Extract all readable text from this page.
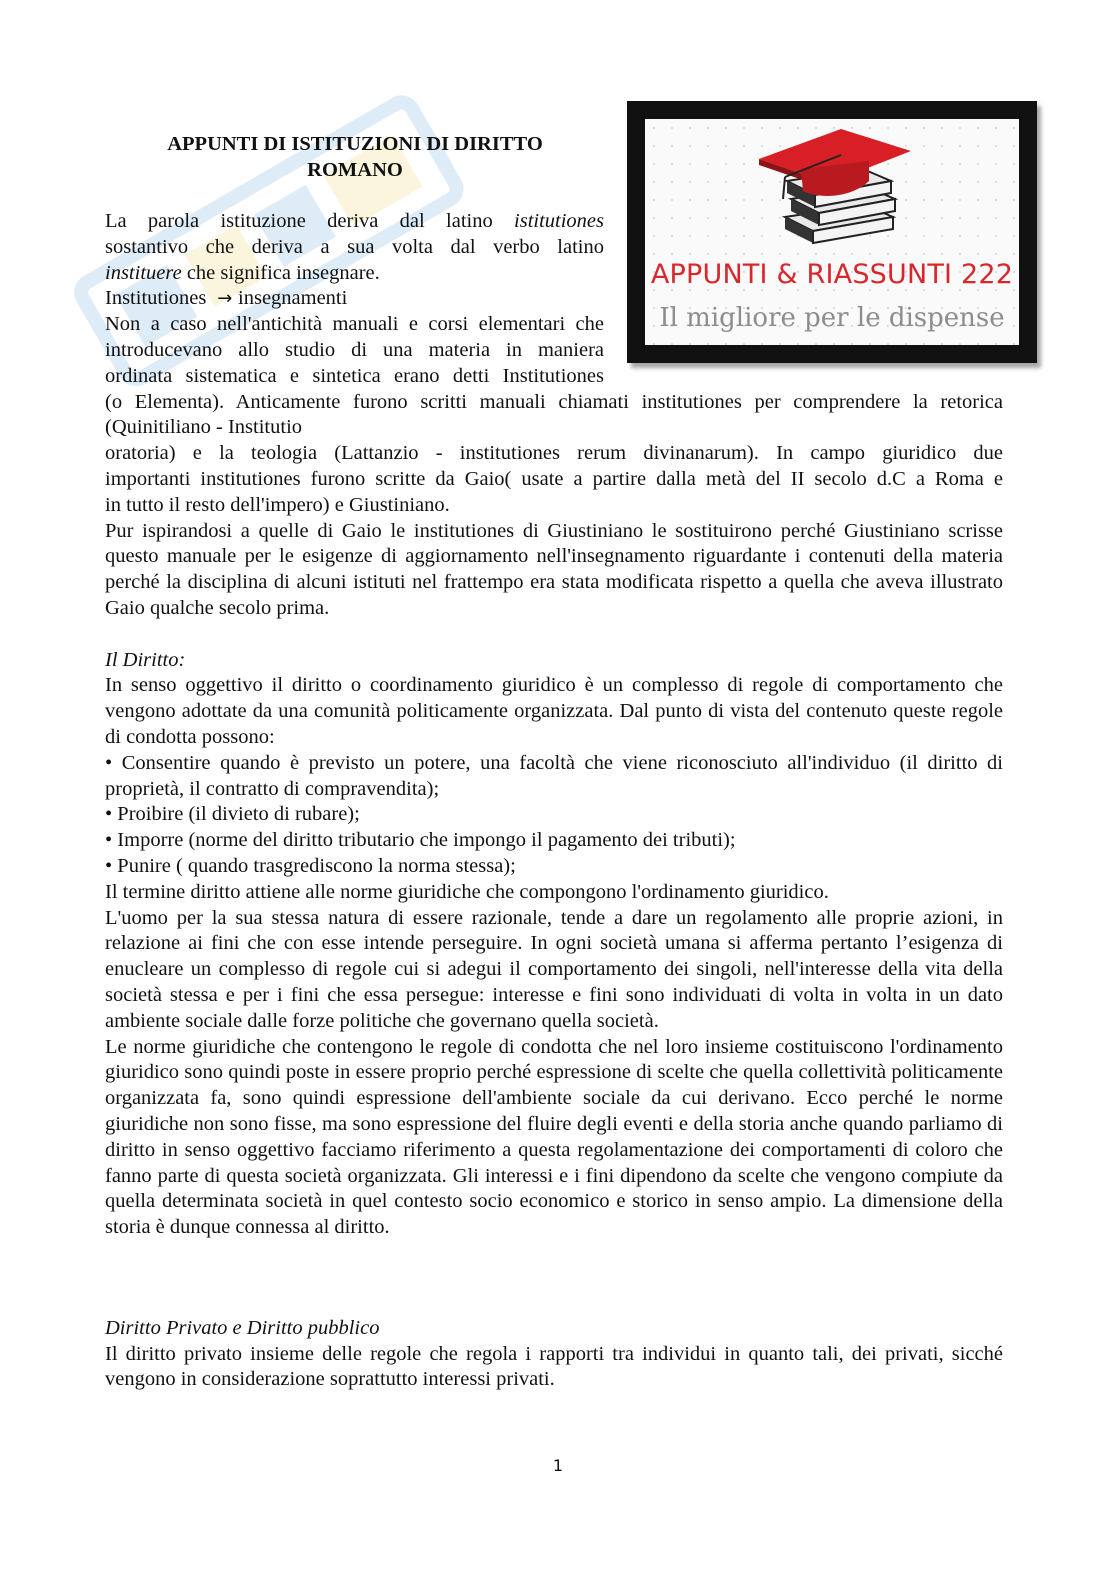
APPUNTI & RIASSUNTI 222
Il migliore per le dispense
APPUNTI DI ISTITUZIONI DI DIRITTO
ROMANO
La parola istituzione deriva dal latino istitutiones
sostantivo che deriva a sua volta dal verbo latino
instituere che significa insegnare.
Institutiones  → insegnamenti
Non a caso nell'antichità manuali e corsi elementari che
introducevano allo studio di una materia in maniera
ordinata sistematica e sintetica erano detti Institutiones
(o Elementa). Anticamente furono scritti manuali chiamati institutiones per comprendere la retorica
(Quinitiliano - Institutio
oratoria) e la teologia (Lattanzio - institutiones rerum divinanarum). In campo giuridico due
importanti institutiones furono scritte da Gaio( usate a partire dalla metà del II secolo d.C a Roma e
in tutto il resto dell'impero) e Giustiniano.
Pur ispirandosi a quelle di Gaio le institutiones di Giustiniano le sostituirono perché Giustiniano scrisse questo manuale per le esigenze di aggiornamento nell'insegnamento riguardante i contenuti della materia perché la disciplina di alcuni istituti nel frattempo era stata modificata rispetto a quella che aveva illustrato Gaio qualche secolo prima.
Il Diritto:
In senso oggettivo il diritto o coordinamento giuridico è un complesso di regole di comportamento che vengono adottate da una comunità politicamente organizzata. Dal punto di vista del contenuto queste regole di condotta possono:
• Consentire quando è previsto un potere, una facoltà che viene riconosciuto all'individuo (il diritto di proprietà, il contratto di compravendita);
• Proibire (il divieto di rubare);
• Imporre (norme del diritto tributario che impongo il pagamento dei tributi);
• Punire ( quando trasgrediscono la norma stessa);
Il termine diritto attiene alle norme giuridiche che compongono l'ordinamento giuridico.
L'uomo per la sua stessa natura di essere razionale, tende a dare un regolamento alle proprie azioni, in relazione ai fini che con esse intende perseguire. In ogni società umana si afferma pertanto l’esigenza di enucleare un complesso di regole cui si adegui il comportamento dei singoli, nell'interesse della vita della società stessa e per i fini che essa persegue: interesse e fini sono individuati di volta in volta in un dato ambiente sociale dalle forze politiche che governano quella società.
Le norme giuridiche che contengono le regole di condotta che nel loro insieme costituiscono l'ordinamento giuridico sono quindi poste in essere proprio perché espressione di scelte che quella collettività politicamente organizzata fa, sono quindi espressione dell'ambiente sociale da cui derivano. Ecco perché le norme giuridiche non sono fisse, ma sono espressione del fluire degli eventi e della storia anche quando parliamo di diritto in senso oggettivo facciamo riferimento a questa regolamentazione dei comportamenti di coloro che fanno parte di questa società organizzata. Gli interessi e i fini dipendono da scelte che vengono compiute da quella determinata società in quel contesto socio economico e storico in senso ampio. La dimensione della storia è dunque connessa al diritto.
Diritto Privato e Diritto pubblico
Il diritto privato insieme delle regole che regola i rapporti tra individui in quanto tali, dei privati, sicché vengono in considerazione soprattutto interessi privati.
1
